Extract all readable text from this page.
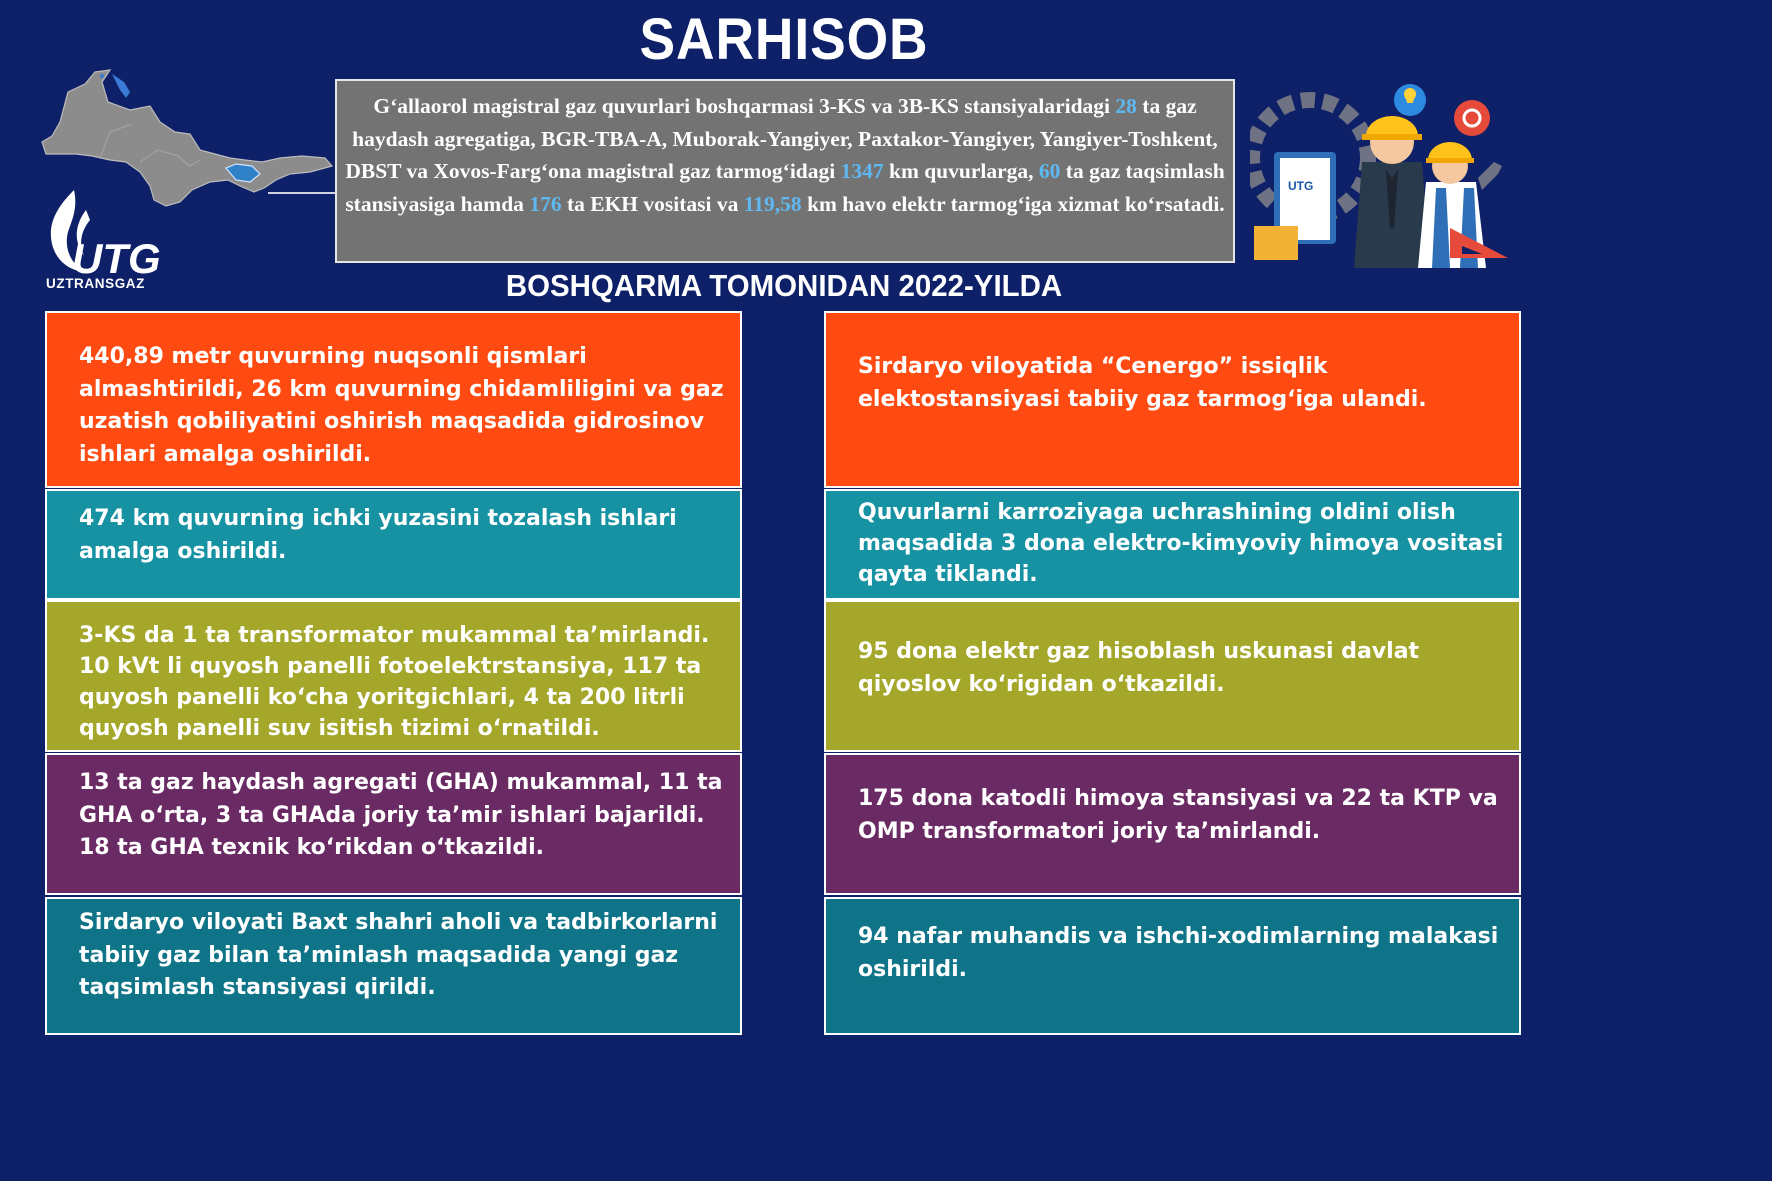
SARHISOB
UTG
UZTRANSGAZ
G‘allaorol magistral gaz quvurlari boshqarmasi 3-KS va 3B-KS stansiyalaridagi 28 ta gaz haydash agregatiga, BGR-TBA-A, Muborak-Yangiyer, Paxtakor-Yangiyer, Yangiyer-Toshkent, DBST va Xovos-Farg‘ona magistral gaz tarmog‘idagi 1347 km quvurlarga, 60 ta gaz taqsimlash stansiyasiga hamda 176 ta EKH vositasi va 119,58 km havo elektr tarmog‘iga xizmat ko‘rsatadi.
UTG
BOSHQARMA TOMONIDAN 2022-YILDA
440,89 metr quvurning nuqsonli qismlari almashtirildi, 26 km quvurning chidamliligini va gaz uzatish qobiliyatini oshirish maqsadida gidrosinov ishlari amalga oshirildi.
474 km quvurning ichki yuzasini tozalash ishlari amalga oshirildi.
3-KS da 1 ta transformator mukammal ta’mirlandi. 10 kVt li quyosh panelli fotoelektrstansiya, 117 ta quyosh panelli ko‘cha yoritgichlari, 4 ta 200 litrli quyosh panelli suv isitish tizimi o‘rnatildi.
13 ta gaz haydash agregati (GHA) mukammal, 11 ta GHA o‘rta, 3 ta GHAda joriy ta’mir ishlari bajarildi. 18 ta GHA texnik ko‘rikdan o‘tkazildi.
Sirdaryo viloyati Baxt shahri aholi va tadbirkorlarni tabiiy gaz bilan ta’minlash maqsadida yangi gaz taqsimlash stansiyasi qirildi.
Sirdaryo viloyatida “Cenergo” issiqlik elektostansiyasi tabiiy gaz tarmog‘iga ulandi.
Quvurlarni karroziyaga uchrashining oldini olish maqsadida 3 dona elektro-kimyoviy himoya vositasi qayta tiklandi.
95 dona elektr gaz hisoblash uskunasi davlat qiyoslov ko‘rigidan o‘tkazildi.
175 dona katodli himoya stansiyasi va 22 ta KTP va OMP transformatori joriy ta’mirlandi.
94 nafar muhandis va ishchi-xodimlarning malakasi oshirildi.
